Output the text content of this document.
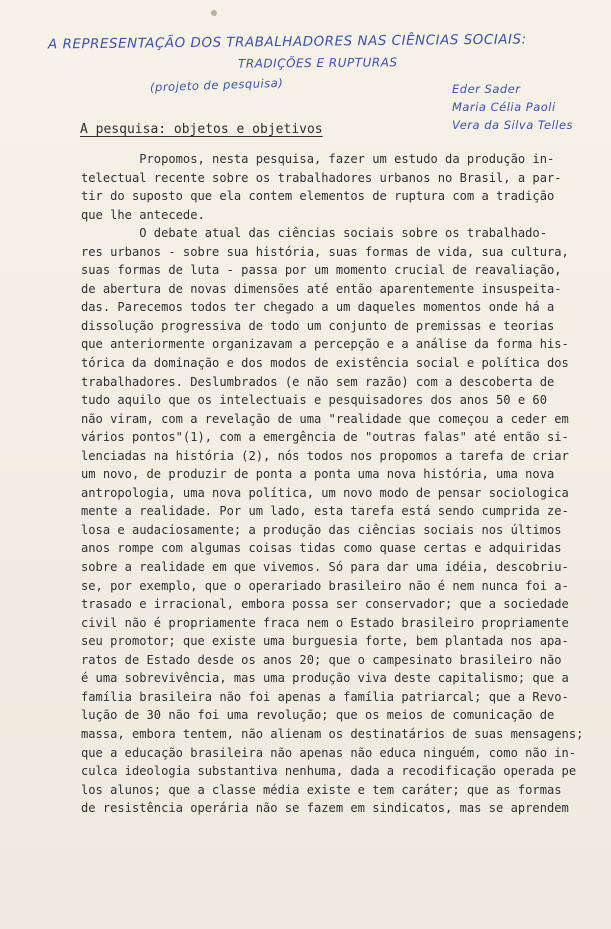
A REPRESENTAÇÃO DOS TRABALHADORES NAS CIÊNCIAS SOCIAIS:
TRADIÇÕES E RUPTURAS
(projeto de pesquisa)	Eder Sader
Maria Célia Paoli
Vera da Silva Telles
A pesquisa: objetos e objetivos
Propomos, nesta pesquisa, fazer um estudo da produção in-
telectual recente sobre os trabalhadores urbanos no Brasil, a par-
tir do suposto que ela contem elementos de ruptura com a tradição
que lhe antecede.
O debate atual das ciências sociais sobre os trabalhado-
res urbanos - sobre sua história, suas formas de vida, sua cultura,
suas formas de luta - passa por um momento crucial de reavaliação,
de abertura de novas dimensões até então aparentemente insuspeita-
das. Parecemos todos ter chegado a um daqueles momentos onde há a
dissolução progressiva de todo um conjunto de premissas e teorias
que anteriormente organizavam a percepção e a análise da forma his-
tórica da dominação e dos modos de existência social e política dos
trabalhadores. Deslumbrados (e não sem razão) com a descoberta de
tudo aquilo que os intelectuais e pesquisadores dos anos 50 e 60
não viram, com a revelação de uma "realidade que começou a ceder em
vários pontos"(1), com a emergência de "outras falas" até então si-
lenciadas na história (2), nós todos nos propomos a tarefa de criar
um novo, de produzir de ponta a ponta uma nova história, uma nova
antropologia, uma nova política, um novo modo de pensar sociologica
mente a realidade. Por um lado, esta tarefa está sendo cumprida ze-
losa e audaciosamente; a produção das ciências sociais nos últimos
anos rompe com algumas coisas tidas como quase certas e adquiridas
sobre a realidade em que vivemos. Só para dar uma idéia, descobriu-
se, por exemplo, que o operariado brasileiro não é nem nunca foi a-
trasado e irracional, embora possa ser conservador; que a sociedade
civil não é propriamente fraca nem o Estado brasileiro propriamente
seu promotor; que existe uma burguesia forte, bem plantada nos apa-
ratos de Estado desde os anos 20; que o campesinato brasileiro não
é uma sobrevivência, mas uma produção viva deste capitalismo; que a
família brasileira não foi apenas a família patriarcal; que a Revo-
lução de 30 não foi uma revolução; que os meios de comunicação de
massa, embora tentem, não alienam os destinatários de suas mensagens;
que a educação brasileira não apenas não educa ninguém, como não in-
culca ideologia substantiva nenhuma, dada a recodificação operada pe
los alunos; que a classe média existe e tem caráter; que as formas
de resistência operária não se fazem em sindicatos, mas se aprendem
